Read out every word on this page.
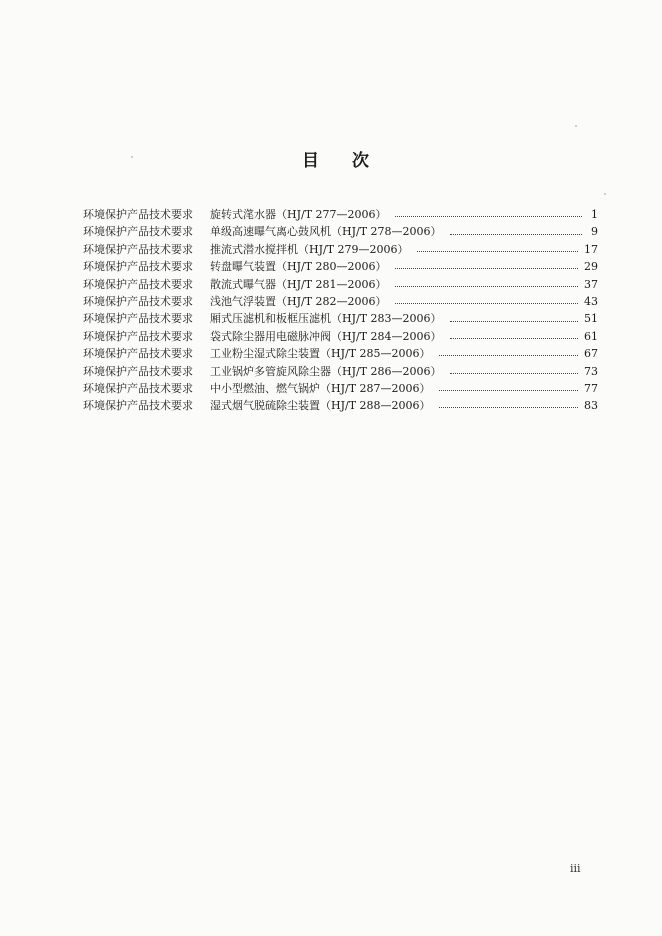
目 次
环境保护产品技术要求	旋转式滗水器（HJ/T 277—2006）	1
环境保护产品技术要求	单级高速曝气离心鼓风机（HJ/T 278—2006）	9
环境保护产品技术要求	推流式潜水搅拌机（HJ/T 279—2006）	17
环境保护产品技术要求	转盘曝气装置（HJ/T 280—2006）	29
环境保护产品技术要求	散流式曝气器（HJ/T 281—2006）	37
环境保护产品技术要求	浅池气浮装置（HJ/T 282—2006）	43
环境保护产品技术要求	厢式压滤机和板框压滤机（HJ/T 283—2006）	51
环境保护产品技术要求	袋式除尘器用电磁脉冲阀（HJ/T 284—2006）	61
环境保护产品技术要求	工业粉尘湿式除尘装置（HJ/T 285—2006）	67
环境保护产品技术要求	工业锅炉多管旋风除尘器（HJ/T 286—2006）	73
环境保护产品技术要求	中小型燃油、燃气锅炉（HJ/T 287—2006）	77
环境保护产品技术要求	湿式烟气脱硫除尘装置（HJ/T 288—2006）	83
iii
